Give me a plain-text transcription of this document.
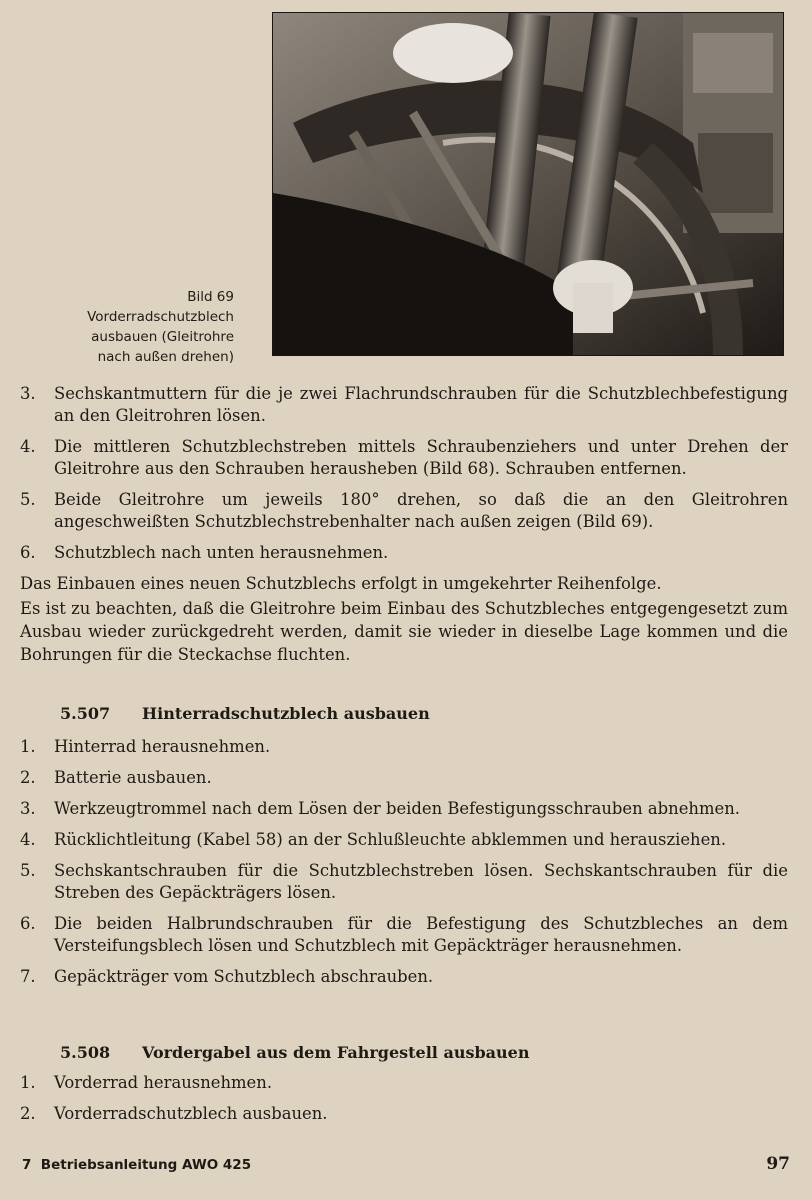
Bild 69
Vorderradschutzblech
ausbauen (Gleitrohre
nach außen drehen)
3. Sechskantmuttern für die je zwei Flachrundschrauben für die Schutzblechbefestigung an den Gleitrohren lösen.
4. Die mittleren Schutzblechstreben mittels Schraubenziehers und unter Drehen der Gleitrohre aus den Schrauben herausheben (Bild 68). Schrauben entfernen.
5. Beide Gleitrohre um jeweils 180° drehen, so daß die an den Gleitrohren angeschweißten Schutzblechstrebenhalter nach außen zeigen (Bild 69).
6. Schutzblech nach unten herausnehmen.

Das Einbauen eines neuen Schutzblechs erfolgt in umgekehrter Reihenfolge.

Es ist zu beachten, daß die Gleitrohre beim Einbau des Schutzbleches entgegengesetzt zum Ausbau wieder zurückgedreht werden, damit sie wieder in dieselbe Lage kommen und die Bohrungen für die Steckachse fluchten.

5.507 Hinterradschutzblech ausbauen
1. Hinterrad herausnehmen.
2. Batterie ausbauen.
3. Werkzeugtrommel nach dem Lösen der beiden Befestigungsschrauben abnehmen.
4. Rücklichtleitung (Kabel 58) an der Schlußleuchte abklemmen und herausziehen.
5. Sechskantschrauben für die Schutzblechstreben lösen. Sechskantschrauben für die Streben des Gepäckträgers lösen.
6. Die beiden Halbrundschrauben für die Befestigung des Schutzbleches an dem Versteifungsblech lösen und Schutzblech mit Gepäckträger herausnehmen.
7. Gepäckträger vom Schutzblech abschrauben.
5.508 Vordergabel aus dem Fahrgestell ausbauen
1. Vorderrad herausnehmen.
2. Vorderradschutzblech ausbauen.
7  Betriebsanleitung AWO 425	97
